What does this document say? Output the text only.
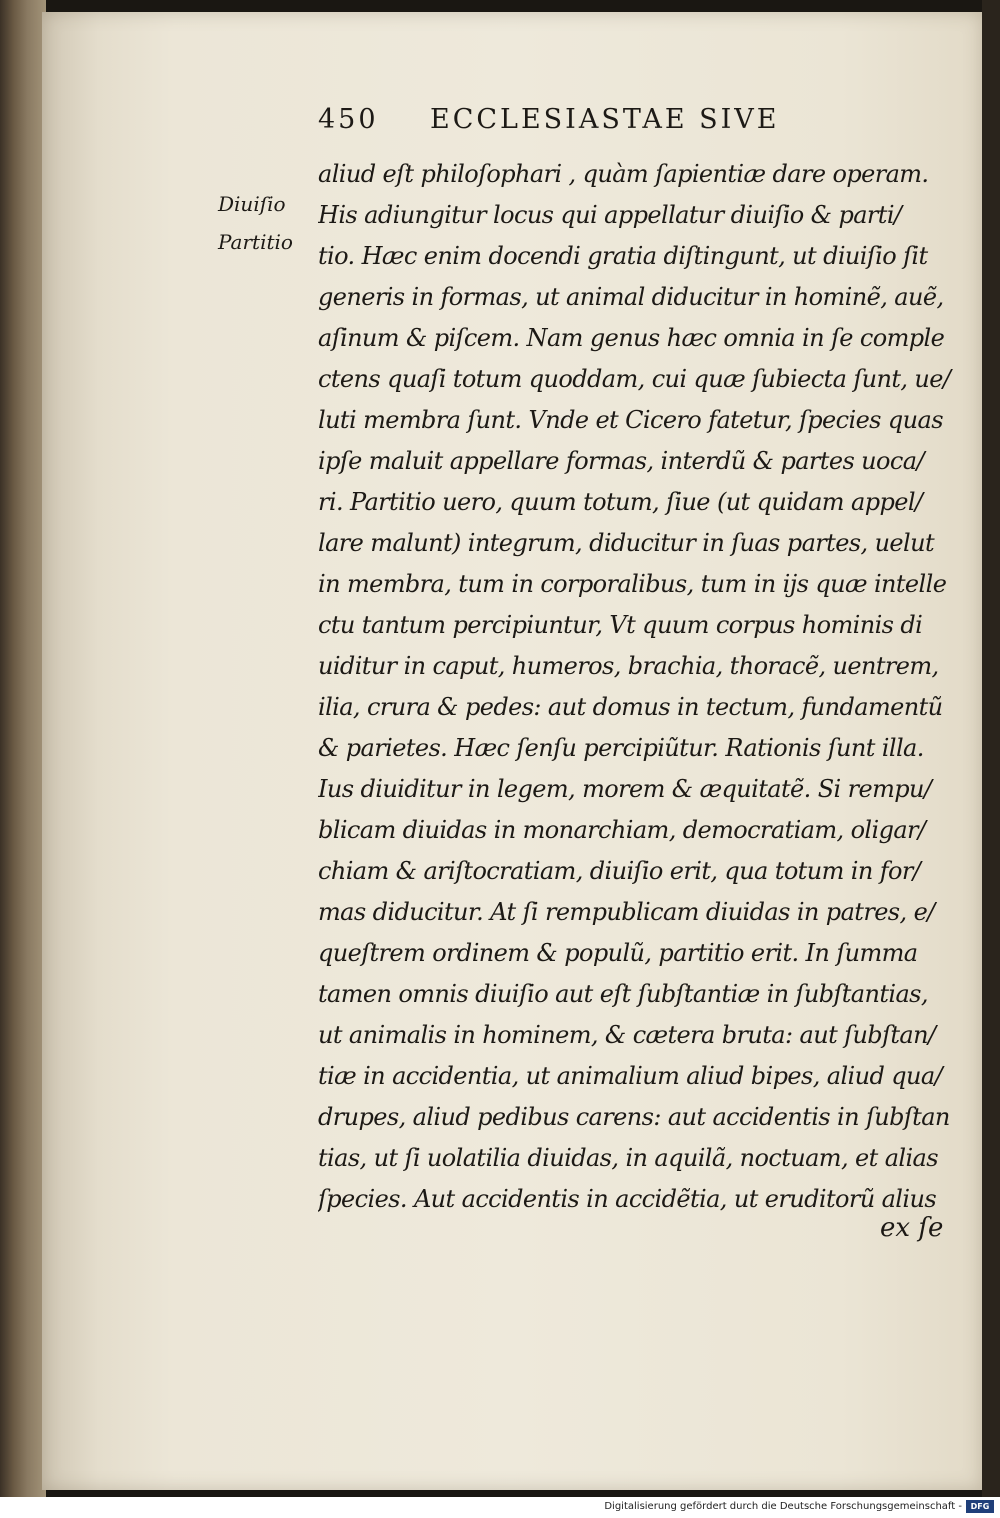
450 ECCLESIASTAE SIVE
Diuiſio
Partitio
aliud eſt philoſophari , quàm ſapientiæ dare operam.
His adiungitur locus qui appellatur diuiſio & parti/
tio. Hæc enim docendi gratia diſtingunt, ut diuiſio ſit
generis in formas, ut animal diducitur in hominẽ, auẽ,
aſinum & piſcem. Nam genus hæc omnia in ſe comple
ctens quaſi totum quoddam, cui quæ ſubiecta ſunt, ue/
luti membra ſunt. Vnde et Cicero fatetur, ſpecies quas
ipſe maluit appellare formas, interdũ & partes uoca/
ri. Partitio uero, quum totum, ſiue (ut quidam appel/
lare malunt) integrum, diducitur in ſuas partes, uelut
in membra, tum in corporalibus, tum in ijs quæ intelle
ctu tantum percipiuntur, Vt quum corpus hominis di
uiditur in caput, humeros, brachia, thoracẽ, uentrem,
ilia, crura & pedes: aut domus in tectum, fundamentũ
& parietes. Hæc ſenſu percipiũtur. Rationis ſunt illa.
Ius diuiditur in legem, morem & æquitatẽ. Si rempu/
blicam diuidas in monarchiam, democratiam, oligar/
chiam & ariſtocratiam, diuiſio erit, qua totum in for/
mas diducitur. At ſi rempublicam diuidas in patres, e/
queſtrem ordinem & populũ, partitio erit. In ſumma
tamen omnis diuiſio aut eſt ſubſtantiæ in ſubſtantias,
ut animalis in hominem, & cætera bruta: aut ſubſtan/
tiæ in accidentia, ut animalium aliud bipes, aliud qua/
drupes, aliud pedibus carens: aut accidentis in ſubſtan
tias, ut ſi uolatilia diuidas, in aquilã, noctuam, et alias
ſpecies. Aut accidentis in accidẽtia, ut eruditorũ alius
ex ſe
Digitalisierung gefördert durch die Deutsche Forschungsgemeinschaft -	DFG
